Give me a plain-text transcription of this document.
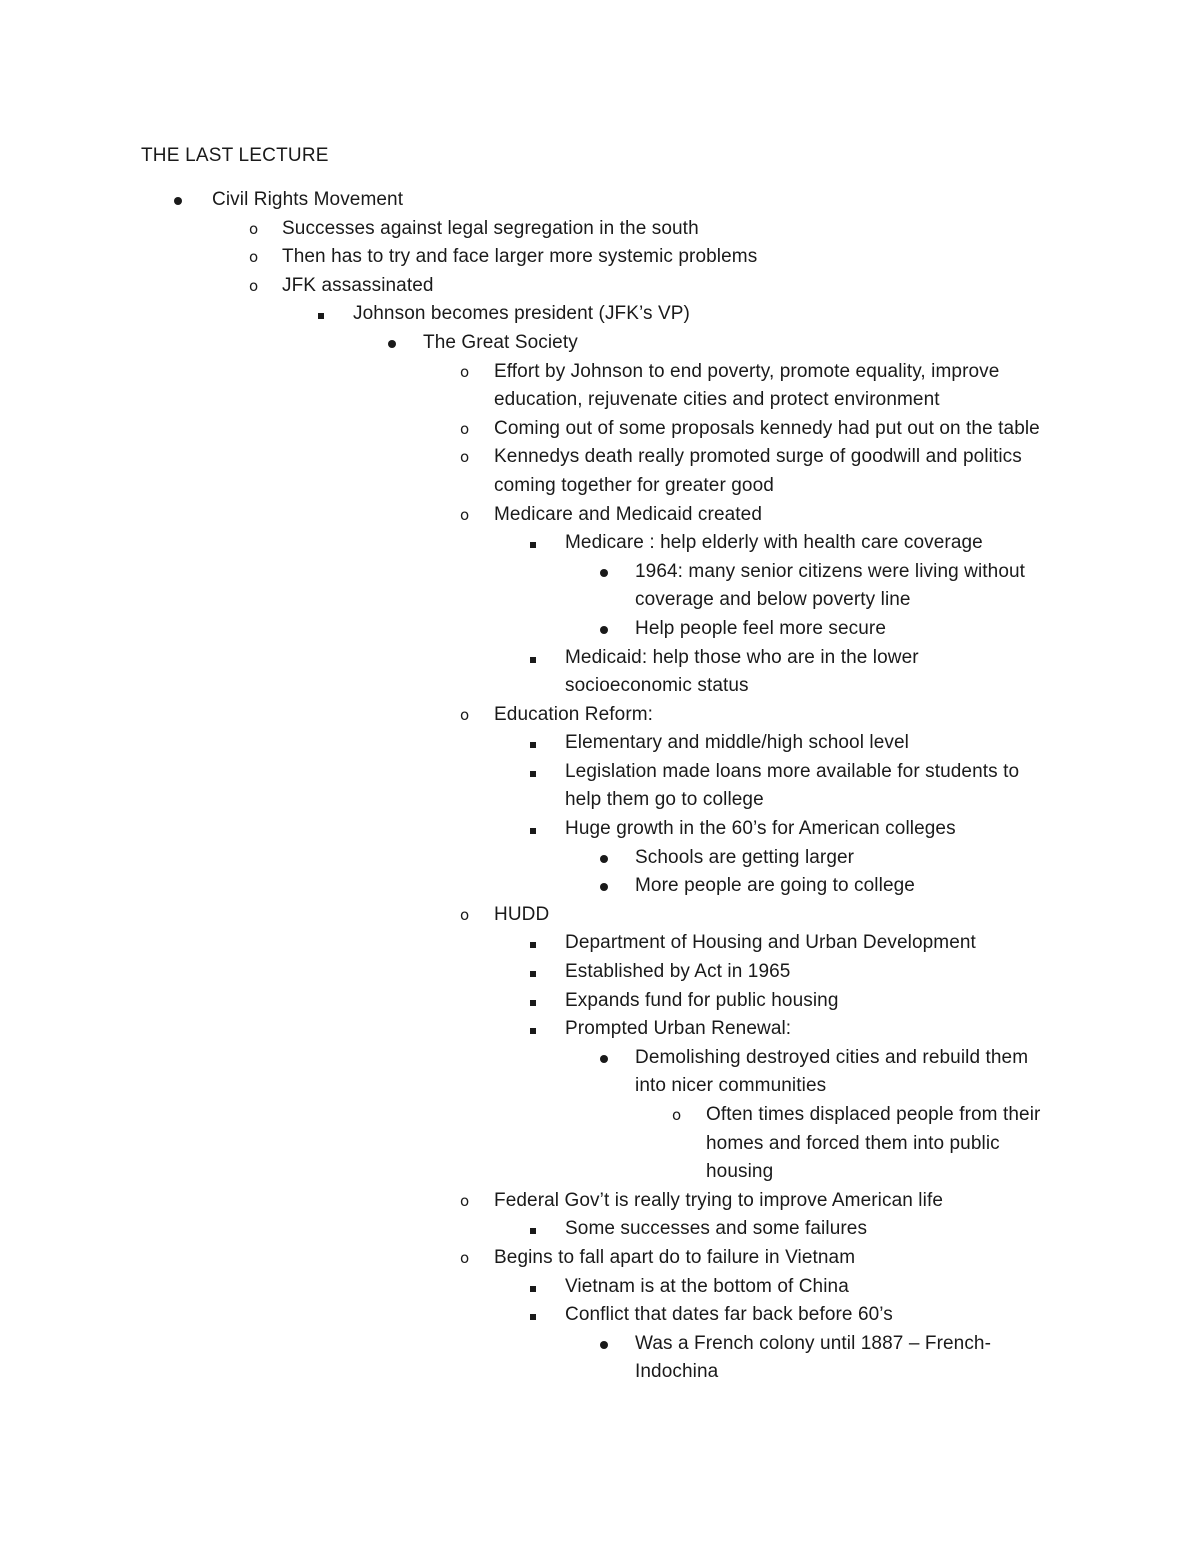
THE LAST LECTURE
Civil Rights Movement
o	Successes against legal segregation in the south
o	Then has to try and face larger more systemic problems
o	JFK assassinated
Johnson becomes president (JFK’s VP)
The Great Society
o	Effort by Johnson to end poverty, promote equality, improve education, rejuvenate cities and protect environment
o	Coming out of some proposals kennedy had put out on the table
o	Kennedys death really promoted surge of goodwill and politics coming together for greater good
o	Medicare and Medicaid created
Medicare : help elderly with health care coverage
1964: many senior citizens were living without coverage and below poverty line
Help people feel more secure
Medicaid: help those who are in the lower socioeconomic status
o	Education Reform:
Elementary and middle/high school level
Legislation made loans more available for students to help them go to college
Huge growth in the 60’s for American colleges
Schools are getting larger
More people are going to college
o	HUDD
Department of Housing and Urban Development
Established by Act in 1965
Expands fund for public housing
Prompted Urban Renewal:
Demolishing destroyed cities and rebuild them into nicer communities
o	Often times displaced people from their homes and forced them into public housing
o	Federal Gov’t is really trying to improve American life
Some successes and some failures
o	Begins to fall apart do to failure in Vietnam
Vietnam is at the bottom of China
Conflict that dates far back before 60’s
Was a French colony until 1887 – French-Indochina
